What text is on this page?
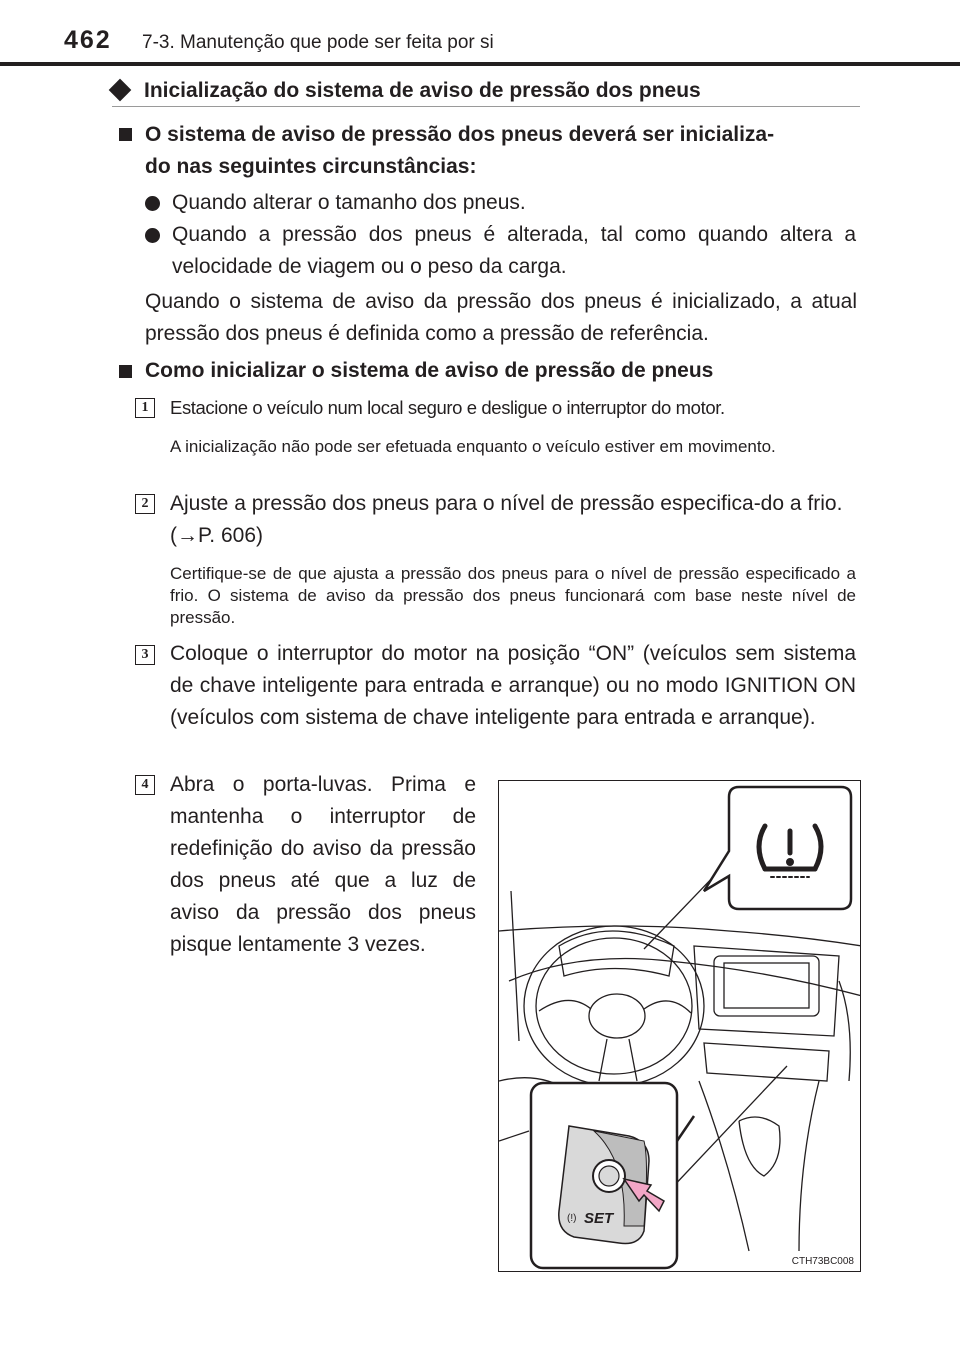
462 7-3. Manutenção que pode ser feita por si
Inicialização do sistema de aviso de pressão dos pneus
O sistema de aviso de pressão dos pneus deverá ser inicializa-
do nas seguintes circunstâncias:
Quando alterar o tamanho dos pneus.
Quando a pressão dos pneus é alterada, tal como quando altera a velocidade de viagem ou o peso da carga.
Quando o sistema de aviso da pressão dos pneus é inicializado, a atual pressão dos pneus é definida como a pressão de referência.
Como inicializar o sistema de aviso de pressão de pneus
1	Estacione o veículo num local seguro e desligue o interruptor do motor.
A inicialização não pode ser efetuada enquanto o veículo estiver em movimento.
2	Ajuste a pressão dos pneus para o nível de pressão especifica-do a frio. (→P. 606)
Certifique-se de que ajusta a pressão dos pneus para o nível de pressão especificado a frio. O sistema de aviso da pressão dos pneus funcionará com base neste nível de pressão.
3	Coloque o interruptor do motor na posição “ON” (veículos sem sistema de chave inteligente para entrada e arranque) ou no modo IGNITION ON (veículos com sistema de chave inteligente para entrada e arranque).
4	Abra o porta-luvas. Prima e mantenha o interruptor de redefinição do aviso da pressão dos pneus até que a luz de aviso da pressão dos pneus pisque lentamente 3 vezes.
SET
(!)
CTH73BC008
